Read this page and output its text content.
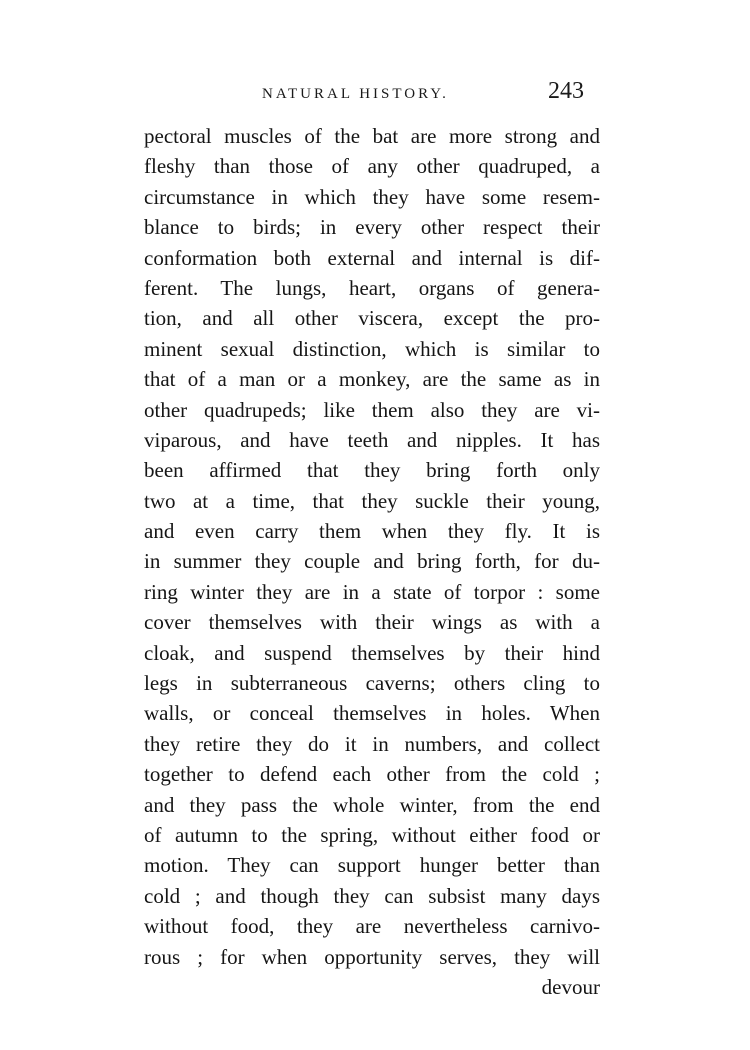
NATURAL HISTORY.	243
pectoral muscles of the bat are more strong and
fleshy than those of any other quadruped, a
circumstance in which they have some resem-
blance to birds; in every other respect their
conformation both external and internal is dif-
ferent. The lungs, heart, organs of genera-
tion, and all other viscera, except the pro-
minent sexual distinction, which is similar to
that of a man or a monkey, are the same as in
other quadrupeds; like them also they are vi-
viparous, and have teeth and nipples. It has
been affirmed that they bring forth only
two at a time, that they suckle their young,
and even carry them when they fly. It is
in summer they couple and bring forth, for du-
ring winter they are in a state of torpor : some
cover themselves with their wings as with a
cloak, and suspend themselves by their hind
legs in subterraneous caverns; others cling to
walls, or conceal themselves in holes. When
they retire they do it in numbers, and collect
together to defend each other from the cold ;
and they pass the whole winter, from the end
of autumn to the spring, without either food or
motion. They can support hunger better than
cold ; and though they can subsist many days
without food, they are nevertheless carnivo-
rous ; for when opportunity serves, they will
devour
